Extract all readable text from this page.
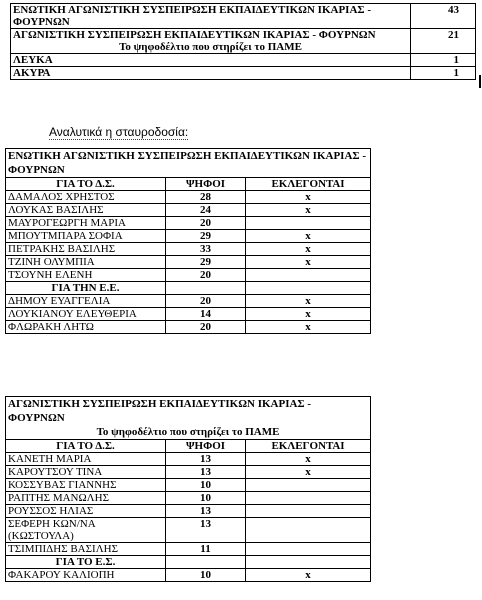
ΕΝΩΤΙΚΗ ΑΓΩΝΙΣΤΙΚΗ ΣΥΣΠΕΙΡΩΣΗ ΕΚΠΑΙΔΕΥΤΙΚΩΝ ΙΚΑΡΙΑΣ - ΦΟΥΡΝΩΝ	43

ΑΓΩΝΙΣΤΙΚΗ ΣΥΣΠΕΙΡΩΣΗ ΕΚΠΑΙΔΕΥΤΙΚΩΝ ΙΚΑΡΙΑΣ - ΦΟΥΡΝΩΝ
Το ψηφοδέλτιο που στηρίζει το ΠΑΜΕ	21
ΛΕΥΚΑ	1
ΑΚΥΡΑ	1
Αναλυτικά η σταυροδοσία:
ΕΝΩΤΙΚΗ ΑΓΩΝΙΣΤΙΚΗ ΣΥΣΠΕΙΡΩΣΗ ΕΚΠΑΙΔΕΥΤΙΚΩΝ ΙΚΑΡΙΑΣ - ΦΟΥΡΝΩΝ		
ΓΙΑ ΤΟ Δ.Σ.	ΨΗΦΟΙ	ΕΚΛΕΓΟΝΤΑΙ
ΔΑΜΑΛΟΣ ΧΡΗΣΤΟΣ	28	x
ΛΟΥΚΑΣ ΒΑΣΙΛΗΣ	24	x
ΜΑΥΡΟΓΕΩΡΓΗ ΜΑΡΙΑ	20	
ΜΠΟΥΤΜΠΑΡΑ ΣΟΦΙΑ	29	x
ΠΕΤΡΑΚΗΣ ΒΑΣΙΛΗΣ	33	x
ΤΖΙΝΗ ΟΛΥΜΠΙΑ	29	x
ΤΣΟΥΝΗ ΕΛΕΝΗ	20	
ΓΙΑ ΤΗΝ Ε.Ε.		
ΔΗΜΟΥ ΕΥΑΓΓΕΛΙΑ	20	x
ΛΟΥΚΙΑΝΟΥ ΕΛΕΥΘΕΡΙΑ	14	x
ΦΛΩΡΑΚΗ ΛΗΤΩ	20	x
ΑΓΩΝΙΣΤΙΚΗ ΣΥΣΠΕΙΡΩΣΗ ΕΚΠΑΙΔΕΥΤΙΚΩΝ ΙΚΑΡΙΑΣ - ΦΟΥΡΝΩΝ
Το ψηφοδέλτιο που στηρίζει το ΠΑΜΕ		

ΓΙΑ ΤΟ Δ.Σ.	ΨΗΦΟΙ	ΕΚΛΕΓΟΝΤΑΙ
ΚΑΝΕΤΗ ΜΑΡΙΑ	13	x
ΚΑΡΟΥΤΣΟΥ ΤΙΝΑ	13	x
ΚΟΣΣΥΒΑΣ ΓΙΑΝΝΗΣ	10	
ΡΑΠΤΗΣ ΜΑΝΩΛΗΣ	10	
ΡΟΥΣΣΟΣ ΗΛΙΑΣ	13	
ΣΕΦΕΡΗ ΚΩΝ/ΝΑ (ΚΩΣΤΟΥΛΑ)	13	
ΤΣΙΜΠΙΔΗΣ ΒΑΣΙΛΗΣ	11	
ΓΙΑ ΤΟ Ε.Σ.		
ΦΑΚΑΡΟΥ ΚΑΛΙΟΠΗ	10	x
